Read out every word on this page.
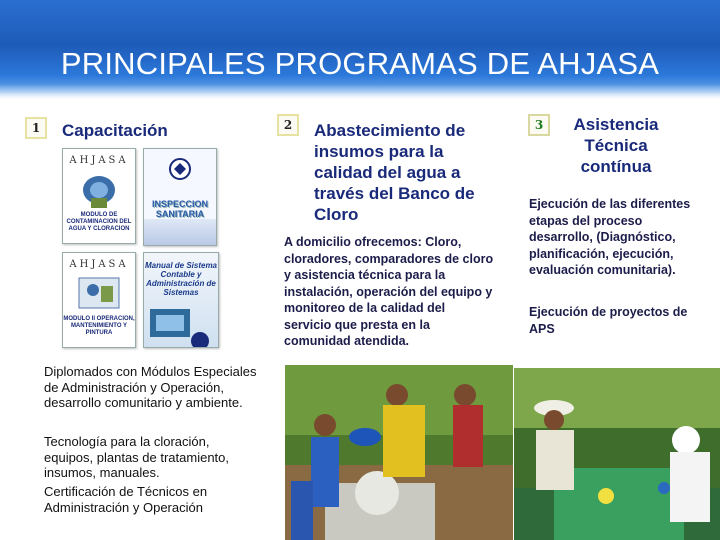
PRINCIPALES PROGRAMAS DE AHJASA
1	Capacitación
AHJASA
MODULO DE CONTAMINACION DEL AGUA Y CLORACION
INSPECCION SANITARIA
AHJASA
MODULO II OPERACION, MANTENIMIENTO Y PINTURA
Manual de Sistema Contable y Administración de Sistemas
Diplomados con Módulos Especiales de Administración y Operación, desarrollo comunitario y ambiente.
Tecnología para la cloración, equipos, plantas de tratamiento, insumos, manuales.
Certificación de Técnicos en Administración y Operación
2	Abastecimiento de insumos para la calidad del agua a través del Banco de Cloro
A domicilio ofrecemos: Cloro, cloradores, comparadores de cloro y asistencia técnica para la instalación, operación del equipo y monitoreo de la calidad del servicio que presta en la comunidad atendida.
3	Asistencia Técnica contínua
Ejecución de las diferentes etapas del proceso desarrollo, (Diagnóstico, planificación, ejecución, evaluación comunitaria).
Ejecución de proyectos de APS
